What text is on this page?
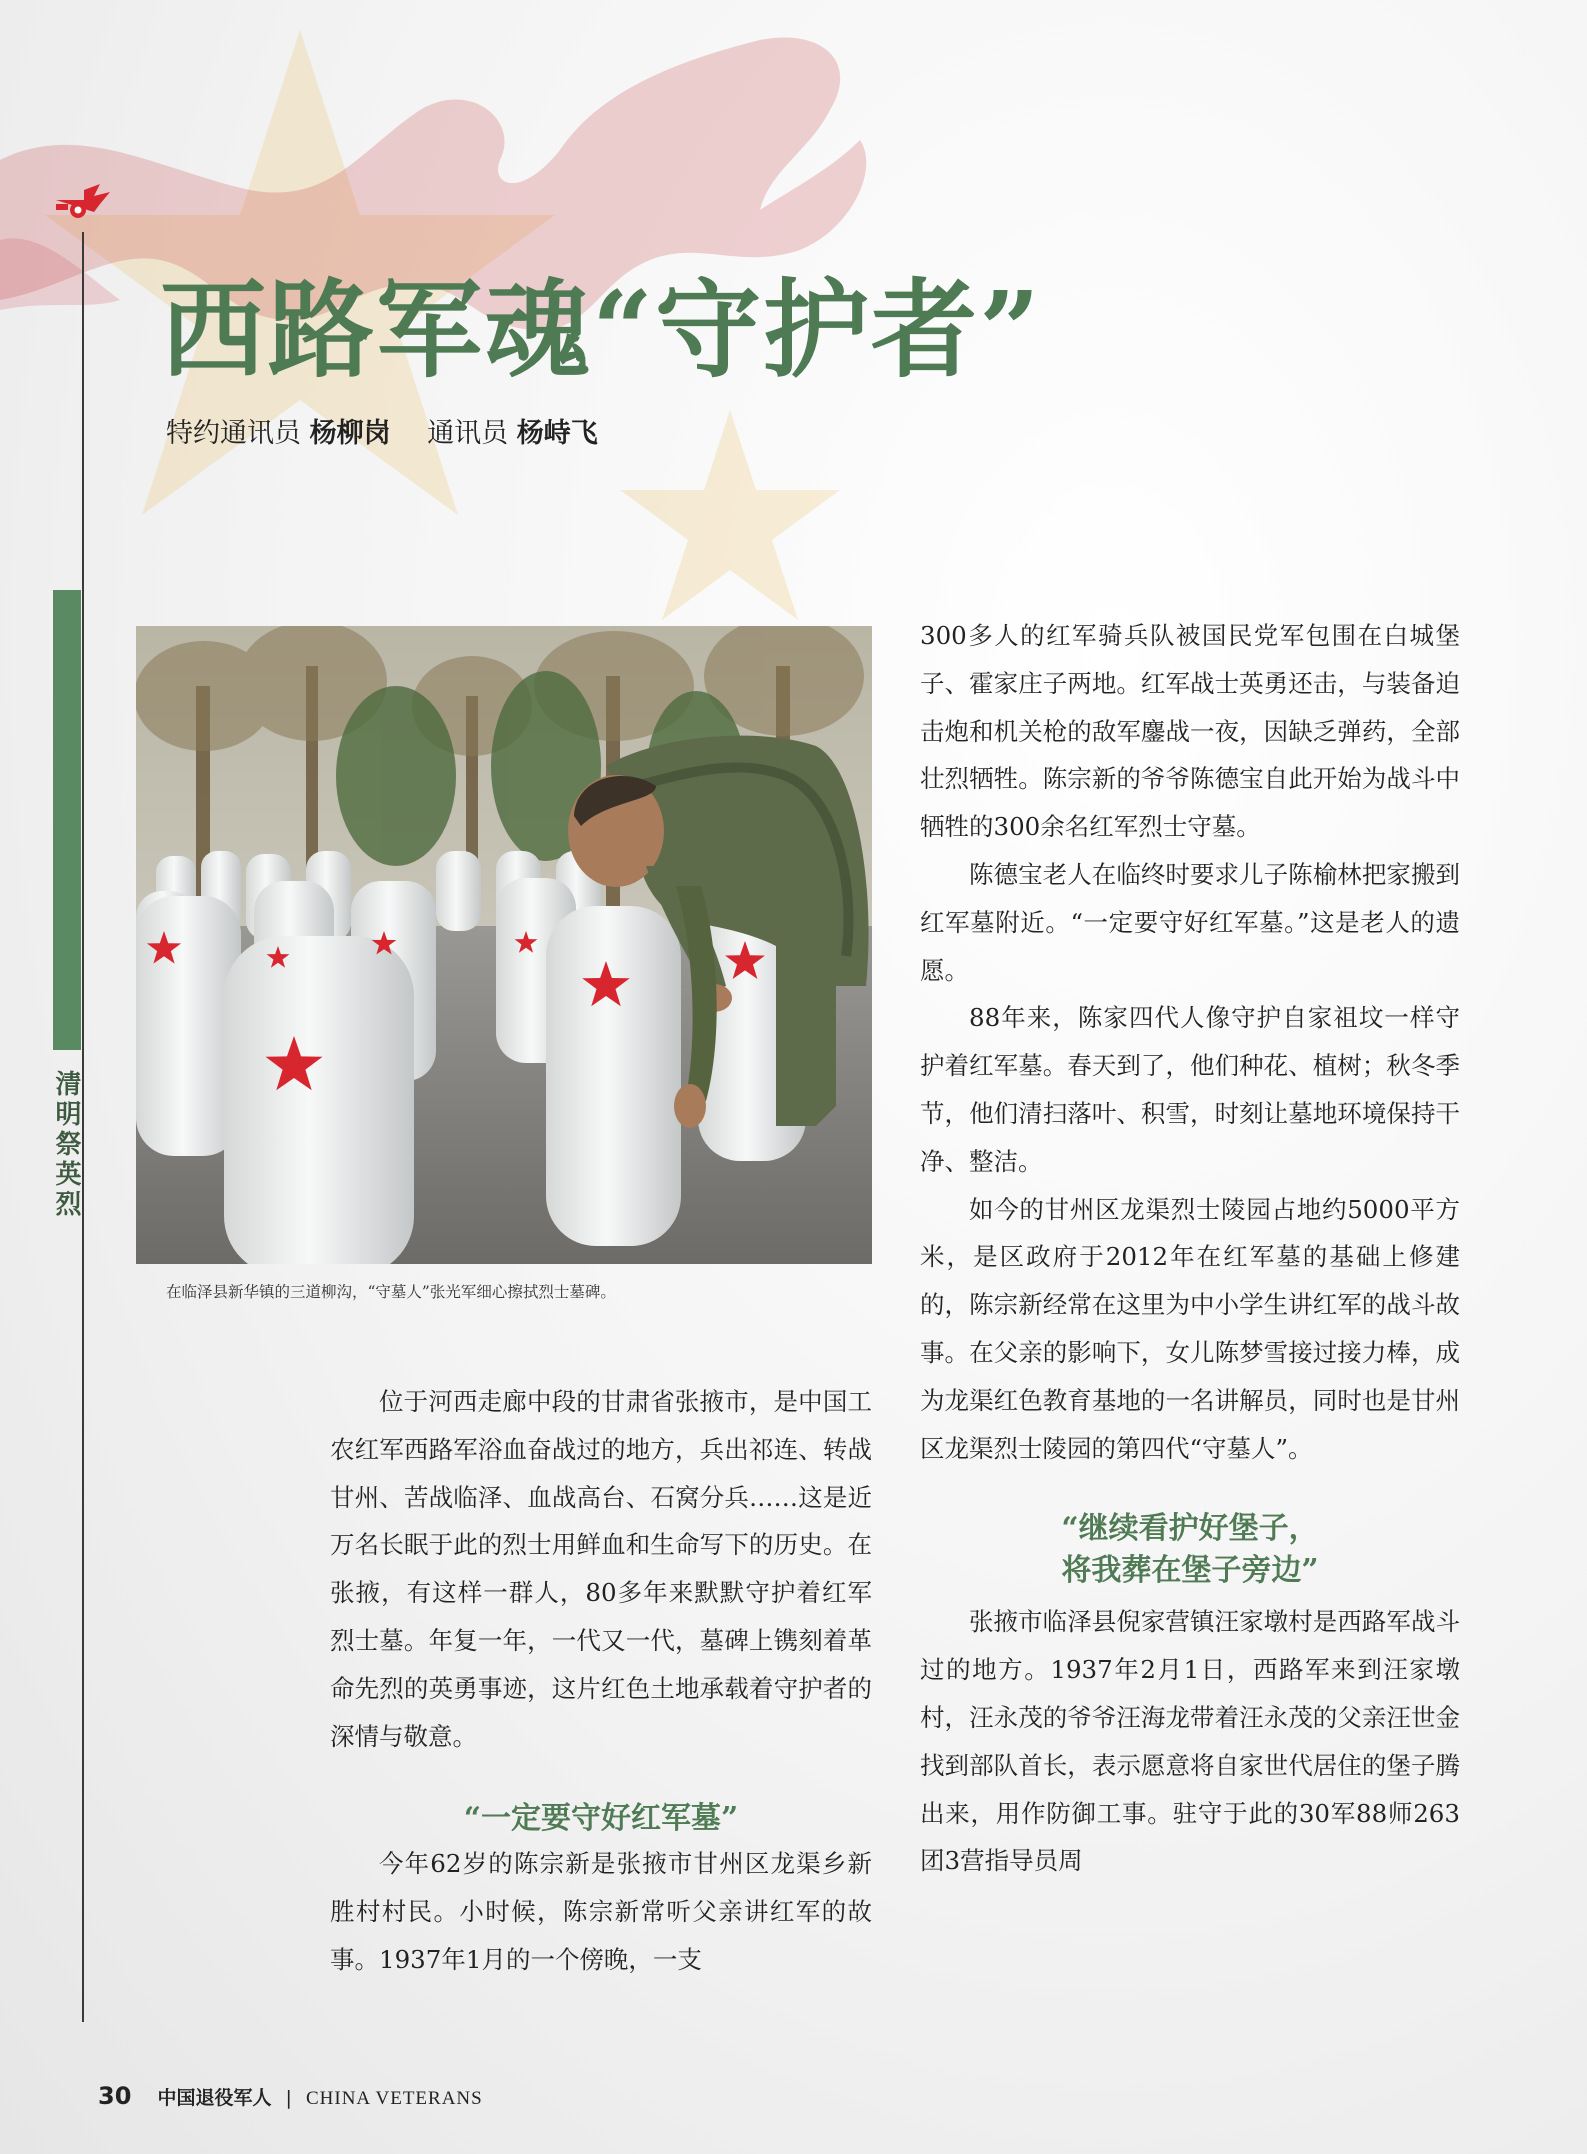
清明祭英烈
西路军魂“守护者”
特约通讯员 杨柳岗 通讯员 杨峙飞
在临泽县新华镇的三道柳沟，“守墓人”张光军细心擦拭烈士墓碑。

位于河西走廊中段的甘肃省张掖市，是中国工农红军西路军浴血奋战过的地方，兵出祁连、转战甘州、苦战临泽、血战高台、石窝分兵……这是近万名长眠于此的烈士用鲜血和生命写下的历史。在张掖，有这样一群人，80多年来默默守护着红军烈士墓。年复一年，一代又一代，墓碑上镌刻着革命先烈的英勇事迹，这片红色土地承载着守护者的深情与敬意。

“一定要守好红军墓”

今年62岁的陈宗新是张掖市甘州区龙渠乡新胜村村民。小时候，陈宗新常听父亲讲红军的故事。1937年1月的一个傍晚，一支

300多人的红军骑兵队被国民党军包围在白城堡子、霍家庄子两地。红军战士英勇还击，与装备迫击炮和机关枪的敌军鏖战一夜，因缺乏弹药，全部壮烈牺牲。陈宗新的爷爷陈德宝自此开始为战斗中牺牲的300余名红军烈士守墓。

陈德宝老人在临终时要求儿子陈榆林把家搬到红军墓附近。“一定要守好红军墓。”这是老人的遗愿。

88年来，陈家四代人像守护自家祖坟一样守护着红军墓。春天到了，他们种花、植树；秋冬季节，他们清扫落叶、积雪，时刻让墓地环境保持干净、整洁。

如今的甘州区龙渠烈士陵园占地约5000平方米，是区政府于2012年在红军墓的基础上修建的，陈宗新经常在这里为中小学生讲红军的战斗故事。在父亲的影响下，女儿陈梦雪接过接力棒，成为龙渠红色教育基地的一名讲解员，同时也是甘州区龙渠烈士陵园的第四代“守墓人”。

“继续看护好堡子，
将我葬在堡子旁边”

张掖市临泽县倪家营镇汪家墩村是西路军战斗过的地方。1937年2月1日，西路军来到汪家墩村，汪永茂的爷爷汪海龙带着汪永茂的父亲汪世金找到部队首长，表示愿意将自家世代居住的堡子腾出来，用作防御工事。驻守于此的30军88师263团3营指导员周

30 中国退役军人 | CHINA VETERANS
